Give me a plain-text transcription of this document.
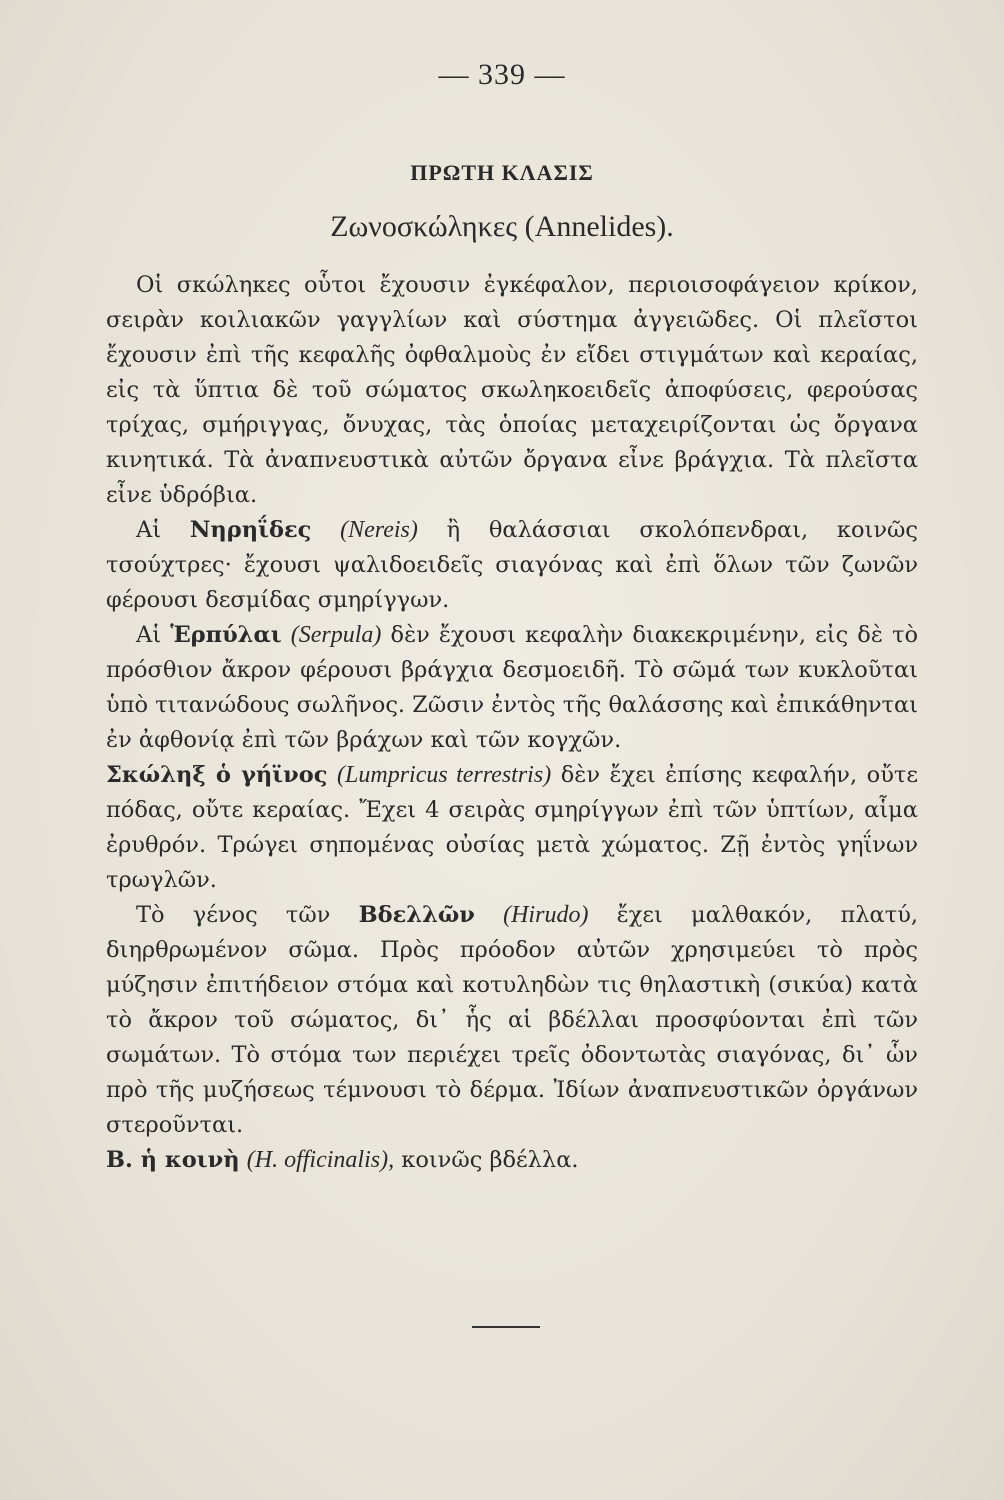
— 339 —
ΠΡΩΤΗ ΚΛΑΣΙΣ
Ζωνοσκώληκες (Annelides).

Οἱ σκώληκες οὗτοι ἔχουσιν ἐγκέφαλον, περιοισοφάγειον κρίκον, σειρὰν κοιλιακῶν γαγγλίων καὶ σύστημα ἀγγειῶδες. Οἱ πλεῖστοι ἔχουσιν ἐπὶ τῆς κεφαλῆς ὀφθαλμοὺς ἐν εἴδει στιγμάτων καὶ κεραίας, εἰς τὰ ὕπτια δὲ τοῦ σώματος σκωληκοειδεῖς ἀποφύσεις, φερούσας τρίχας, σμήριγγας, ὄνυχας, τὰς ὁποίας μεταχειρίζονται ὡς ὄργανα κινητικά. Τὰ ἀναπνευστικὰ αὐτῶν ὄργανα εἶνε βράγχια. Τὰ πλεῖστα εἶνε ὑδρόβια.

Αἱ Νηρηΐδες (Nereis) ἢ θαλάσσιαι σκολόπενδραι, κοινῶς τσούχτρες· ἔχουσι ψαλιδοειδεῖς σιαγόνας καὶ ἐπὶ ὅλων τῶν ζωνῶν φέρουσι δεσμίδας σμηρίγγων.

Αἱ Ἑρπύλαι (Serpula) δὲν ἔχουσι κεφαλὴν διακεκριμένην, εἰς δὲ τὸ πρόσθιον ἄκρον φέρουσι βράγχια δεσμοειδῆ. Τὸ σῶμά των κυκλοῦται ὑπὸ τιτανώδους σωλῆνος. Ζῶσιν ἐντὸς τῆς θαλάσσης καὶ ἐπικάθηνται ἐν ἀφθονίᾳ ἐπὶ τῶν βράχων καὶ τῶν κογχῶν.

Σκώληξ ὁ γήϊνος (Lumpricus terrestris) δὲν ἔχει ἐπίσης κεφαλήν, οὔτε πόδας, οὔτε κεραίας. Ἔχει 4 σειρὰς σμηρίγγων ἐπὶ τῶν ὑπτίων, αἷμα ἐρυθρόν. Τρώγει σηπομένας οὐσίας μετὰ χώματος. Ζῇ ἐντὸς γηΐνων τρωγλῶν.

Τὸ γένος τῶν Βδελλῶν (Hirudo) ἔχει μαλθακόν, πλατύ, διηρθρωμένον σῶμα. Πρὸς πρόοδον αὐτῶν χρησιμεύει τὸ πρὸς μύζησιν ἐπιτήδειον στόμα καὶ κοτυληδὼν τις θηλαστικὴ (σικύα) κατὰ τὸ ἄκρον τοῦ σώματος, δι᾽ ἧς αἱ βδέλλαι προσφύονται ἐπὶ τῶν σωμάτων. Τὸ στόμα των περιέχει τρεῖς ὀδοντωτὰς σιαγόνας, δι᾽ ὧν πρὸ τῆς μυζήσεως τέμνουσι τὸ δέρμα. Ἰδίων ἀναπνευστικῶν ὀργάνων στεροῦνται.

Β. ἡ κοινὴ (H. officinalis), κοινῶς βδέλλα.
